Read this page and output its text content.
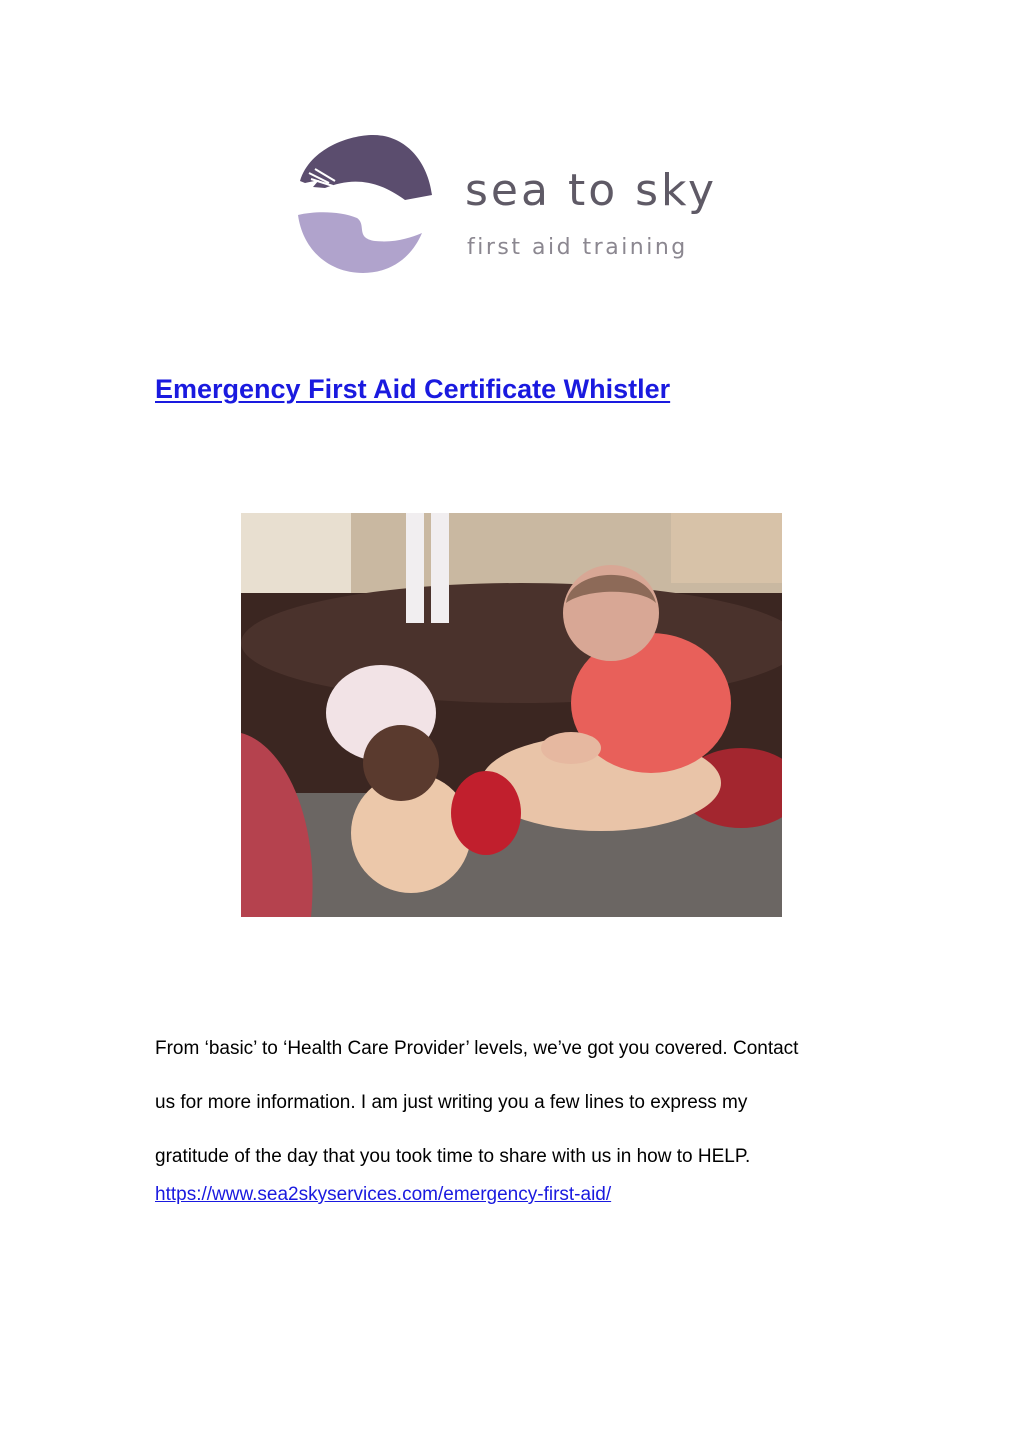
sea to sky
first aid training
Emergency First Aid Certificate Whistler
From ‘basic’ to ‘Health Care Provider’ levels, we’ve got you covered. Contact
us for more information. I am just writing you a few lines to express my
gratitude of the day that you took time to share with us in how to HELP.
https://www.sea2skyservices.com/emergency-first-aid/
